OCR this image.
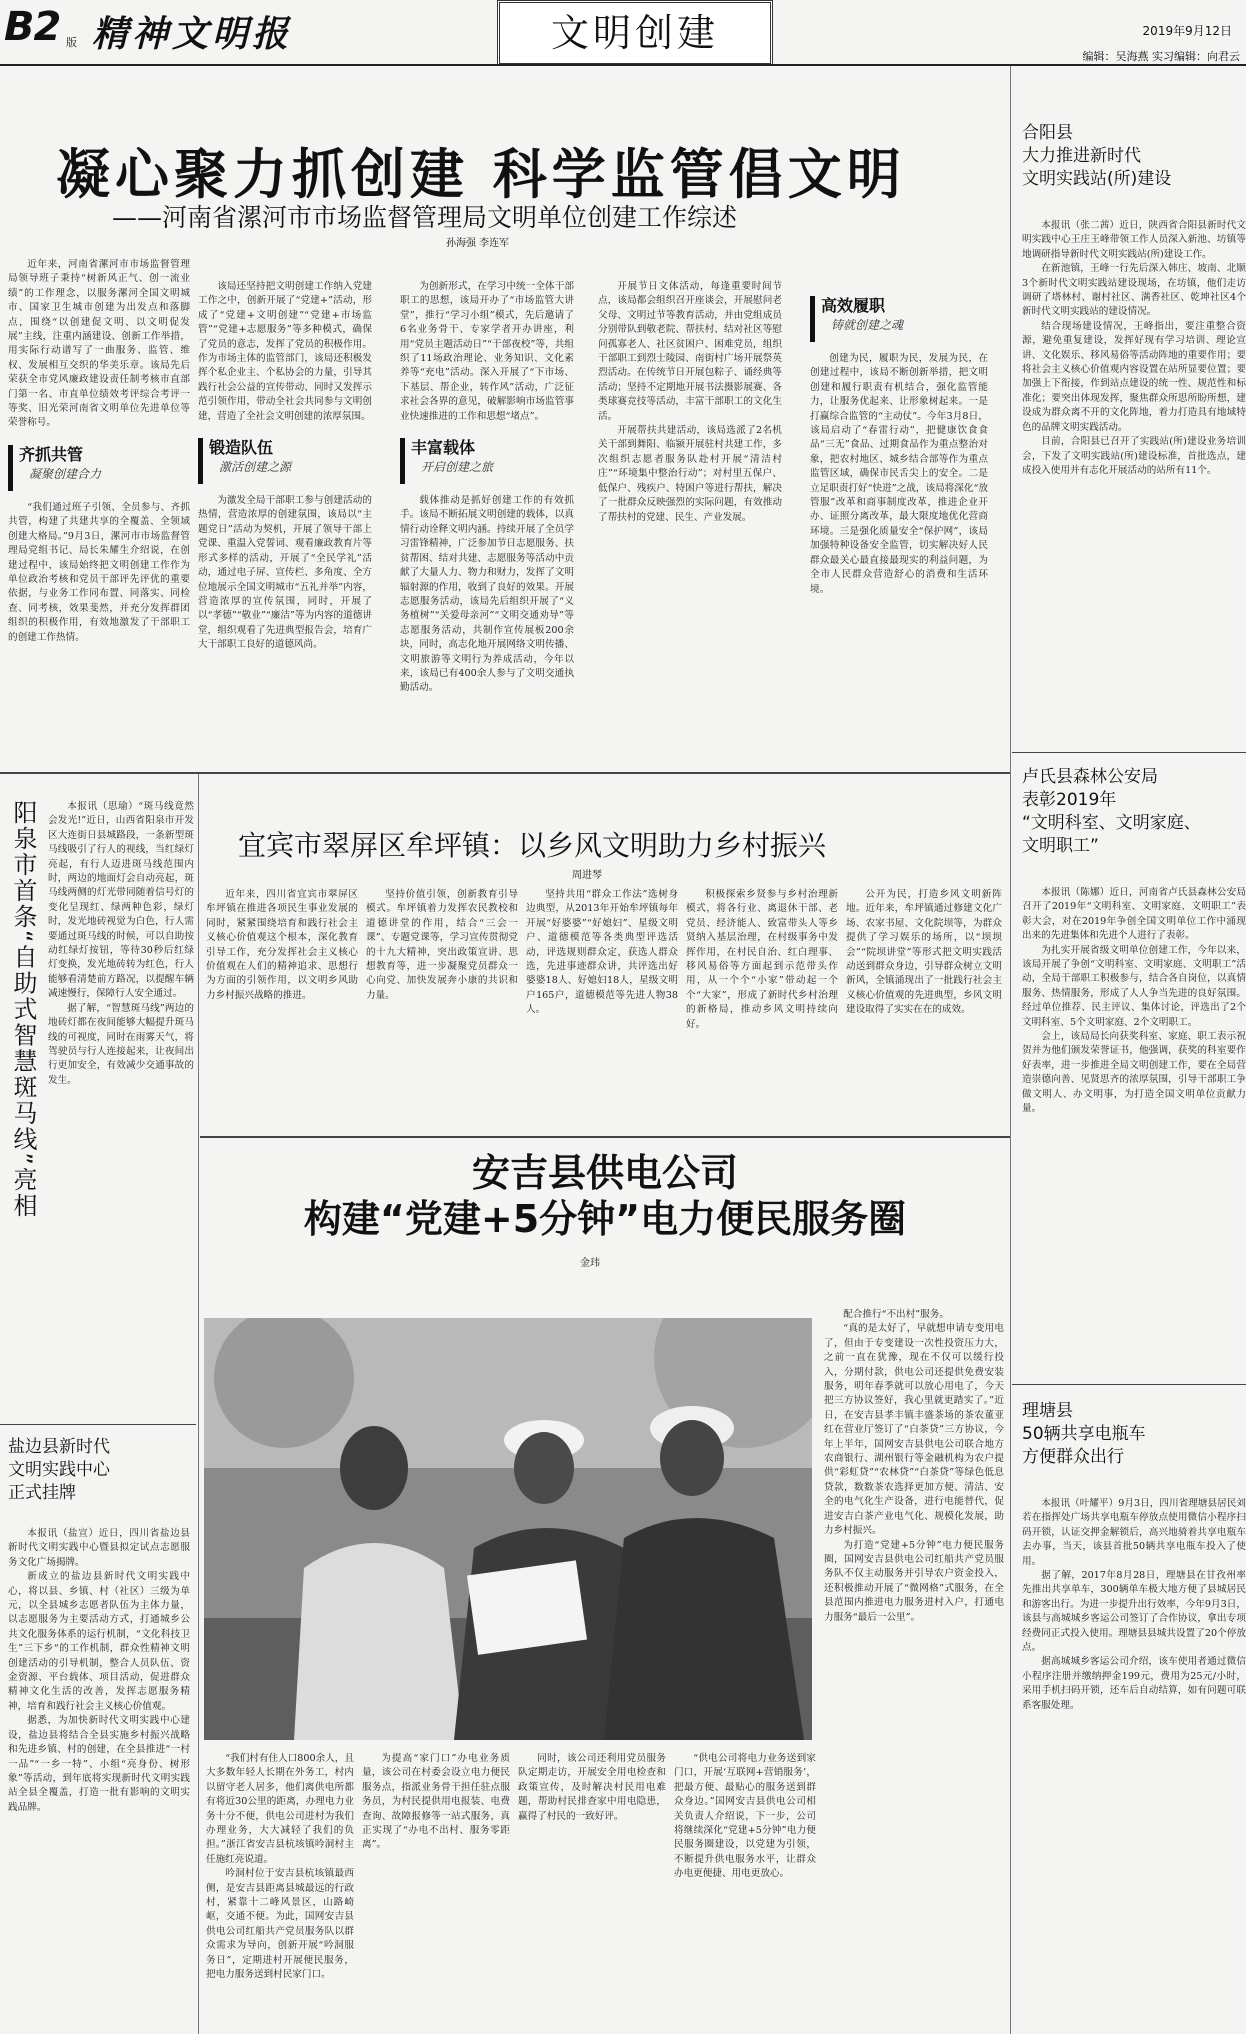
B2 版 精神文明报	文明创建	2019年9月12日
编辑：吴海燕 实习编辑：向君云
凝心聚力抓创建 科学监管倡文明
——河南省漯河市市场监督管理局文明单位创建工作综述
孙海强 李连军

近年来，河南省漯河市市场监督管理局领导班子秉持“树新风正气、创一流业绩”的工作理念，以服务漯河全国文明城市、国家卫生城市创建为出发点和落脚点，围绕“以创建促文明、以文明促发展”主线，注重内涵建设、创新工作举措，用实际行动谱写了一曲服务、监管、维权、发展相互交织的华美乐章。该局先后荣获全市党风廉政建设责任制考核市直部门第一名、市直单位绩效考评综合考评一等奖、旧光荣河南省文明单位先进单位等荣誉称号。

齐抓共管
凝聚创建合力

“我们通过班子引领、全员参与、齐抓共管，构建了共建共享的全覆盖、全领域创建大格局。”9月3日，漯河市市场监督管理局党组书记、局长朱耀生介绍说，在创建过程中，该局始终把文明创建工作作为单位政治考核和党员干部评先评优的重要依据，与业务工作同布置、同落实、同检查、同考核，效果斐然，并充分发挥群团组织的积极作用，有效地激发了干部职工的创建工作热情。

该局还坚持把文明创建工作纳入党建工作之中，创新开展了“党建+”活动，形成了“党建+文明创建”“党建+市场监管”“党建+志愿服务”等多种模式，确保了党员的意志，发挥了党员的积极作用。作为市场主体的监管部门，该局还积极发挥个私企业主、个私协会的力量，引导其践行社会公益的宣传带动、同时又发挥示范引领作用，带动全社会共同参与文明创建，营造了全社会文明创建的浓厚氛围。

锻造队伍
激活创建之源

为激发全局干部职工参与创建活动的热情，营造浓厚的创建氛围，该局以“主题党日”活动为契机，开展了领导干部上党课、重温入党誓词、观看廉政教育片等形式多样的活动，开展了“全民学礼”活动，通过电子屏、宣传栏、多角度、全方位地展示全国文明城市“五礼并举”内容，营造浓厚的宣传氛围，同时，开展了以“孝德”“敬业”“廉洁”等为内容的道德讲堂，组织观看了先进典型报告会，培育广大干部职工良好的道德风尚。

为创新形式，在学习中统一全体干部职工的思想，该局开办了“市场监管大讲堂”，推行“学习小组”模式，先后邀请了6名业务骨干、专家学者开办讲座，利用“党员主题活动日”“干部夜校”等，共组织了11场政治理论、业务知识、文化素养等“充电”活动。深入开展了“下市场、下基层、帮企业，转作风”活动，广泛征求社会各界的意见，破解影响市场监管事业快速推进的工作和思想“堵点”。

丰富载体
开启创建之旅

载体推动是抓好创建工作的有效抓手。该局不断拓展文明创建的载体，以真情行动诠释文明内涵。持续开展了全员学习雷锋精神，广泛参加节日志愿服务、扶贫帮困、结对共建、志愿服务等活动中贡献了大量人力、物力和财力，发挥了文明辐射源的作用，收到了良好的效果。开展志愿服务活动，该局先后组织开展了“义务植树”“关爱母亲河”“文明交通劝导”等志愿服务活动，共制作宣传展板200余块，同时，高志化地开展网络文明传播、文明旅游等文明行为养成活动，今年以来，该局已有400余人参与了文明交通执勤活动。

开展节日文体活动，每逢重要时间节点，该局都会组织召开座谈会，开展慰问老父母、文明过节等教育活动，并由党组成员分别带队到敬老院、帮扶村、结对社区等慰问孤寡老人、社区贫困户、困难党员，组织干部职工到烈士陵园、南街村广场开展祭英烈活动。在传统节日开展包粽子、诵经典等活动；坚持不定期地开展书法摄影展赛、各类球赛竞技等活动，丰富干部职工的文化生活。

开展帮扶共建活动，该局选派了2名机关干部到舞阳、临颍开展驻村共建工作，多次组织志愿者服务队赴村开展“清洁村庄”“环境集中整治行动”；对村里五保户、低保户、残疾户、特困户等进行帮扶，解决了一批群众反映强烈的实际问题，有效推动了帮扶村的党建、民生、产业发展。

高效履职
铸就创建之魂

创建为民，履职为民，发展为民，在创建过程中，该局不断创新举措，把文明创建和履行职责有机结合，强化监管能力，让服务优起来、让形象树起来。一是打赢综合监管的“主动仗”。今年3月8日，该局启动了“春雷行动”，把健康饮食食品“三无”食品、过期食品作为重点整治对象，把农村地区、城乡结合部等作为重点监管区域，确保市民舌尖上的安全。二是立足职责打好“快进”之战，该局将深化“放管服”改革和商事制度改革，推进企业开办、证照分离改革，最大限度地优化营商环境。三是强化质量安全“保护网”，该局加强特种设备安全监管，切实解决好人民群众最关心最直接最现实的利益问题，为全市人民群众营造舒心的消费和生活环境。

合阳县
大力推进新时代
文明实践站(所)建设

本报讯（张二茜）近日，陕西省合阳县新时代文明实践中心王庄王峰带领工作人员深入新池、坊镇等地调研指导新时代文明实践站(所)建设工作。

在新池镇，王峰一行先后深入韩庄、坡南、北顺3个新时代文明实践站建设现场，在坊镇，他们走访调研了塔林村、谢村社区、满香社区、乾坤社区4个新时代文明实践站的建设情况。

结合现场建设情况，王峰指出，要注重整合资源，避免重复建设，发挥好现有学习培训、理论宣讲、文化娱乐、移风易俗等活动阵地的重要作用；要将社会主义核心价值观内容设置在站所显要位置；要加强上下衔接，作到站点建设的统一性、规范性和标准化；要突出体现发挥，聚焦群众所思所盼所想，建设成为群众离不开的文化阵地，着力打造具有地域特色的品牌文明实践活动。

目前，合阳县已召开了实践站(所)建设业务培训会，下发了文明实践站(所)建设标准，首批选点，建成投入使用并有志化开展活动的站所有11个。

卢氏县森林公安局
表彰2019年
“文明科室、文明家庭、
文明职工”

本报讯（陈娜）近日，河南省卢氏县森林公安局召开了2019年“文明科室、文明家庭、文明职工”表彰大会，对在2019年争创全国文明单位工作中涌现出来的先进集体和先进个人进行了表彰。

为扎实开展省级文明单位创建工作，今年以来，该局开展了争创“文明科室、文明家庭、文明职工”活动，全局干部职工积极参与，结合各自岗位，以真情服务、热情服务，形成了人人争当先进的良好氛围。经过单位推荐、民主评议、集体讨论，评选出了2个文明科室、5个文明家庭、2个文明职工。

会上，该局局长向获奖科室、家庭、职工表示祝贺并为他们颁发荣誉证书，他强调，获奖的科室要作好表率，进一步推进全局文明创建工作，要在全局营造崇德向善、见贤思齐的浓厚氛围，引导干部职工争做文明人、办文明事，为打造全国文明单位贡献力量。

理塘县
50辆共享电瓶车
方便群众出行

本报讯（叶耀平）9月3日，四川省理塘县居民刘若在指挥处广场共享电瓶车停放点使用微信小程序扫码开锁，认证交押金解锁后，高兴地骑着共享电瓶车去办事，当天，该县首批50辆共享电瓶车投入了使用。

据了解，2017年8月28日，理塘县在甘孜州率先推出共享单车，300辆单车极大地方便了县城居民和游客出行。为进一步提升出行效率，今年9月3日，该县与高城城乡客运公司签订了合作协议，拿出专项经费同正式投入使用。理塘县县城共设置了20个停放点。

据高城城乡客运公司介绍，该车使用者通过微信小程序注册并缴纳押金199元，费用为25元/小时，采用手机扫码开锁，还车后自动结算，如有问题可联系客服处理。

阳泉市首条“自助式智慧斑马线”亮相	本报讯（思瑜）“斑马线竟然会发光!”近日，山西省阳泉市开发区大连街日县城路段，一条新型斑马线吸引了行人的视线，当红绿灯亮起，有行人迈进斑马线范围内时，两边的地面灯会自动亮起，斑马线两侧的灯光带同随着信号灯的变化呈现红、绿两种色彩，绿灯时，发光地砖视觉为白色，行人需要通过斑马线的时候，可以自助按动红绿灯按钮，等待30秒后红绿灯变换，发光地砖转为红色，行人能够看清楚前方路况，以提醒车辆减速慢行，保障行人安全通过。

据了解，“智慧斑马线”两边的地砖灯都在夜间能够大幅提升斑马线的可视度，同时在雨雾天气，将驾驶员与行人连接起来，让夜间出行更加安全，有效减少交通事故的发生。

盐边县新时代
文明实践中心
正式挂牌

本报讯（盐宣）近日，四川省盐边县新时代文明实践中心暨县拟定试点志愿服务文化广场揭牌。

新成立的盐边县新时代文明实践中心，将以县、乡镇、村（社区）三级为单元，以全县城乡志愿者队伍为主体力量，以志愿服务为主要活动方式，打通城乡公共文化服务体系的运行机制，“文化科技卫生”三下乡“的工作机制，群众性精神文明创建活动的引导机制，整合人员队伍、资金资源、平台载体、项目活动，促进群众精神文化生活的改善，发挥志愿服务精神，培育和践行社会主义核心价值观。

据悉，为加快新时代文明实践中心建设，盐边县将结合全县实施乡村振兴战略和先进乡镇、村的创建，在全县推进“一村一品”“一乡一特”、小组“亮身份、树形象”等活动，到年底将实现新时代文明实践站全县全覆盖，打造一批有影响的文明实践品牌。

宜宾市翠屏区牟坪镇：以乡风文明助力乡村振兴
周进琴

近年来，四川省宜宾市翠屏区牟坪镇在推进各项民生事业发展的同时，紧紧围绕培育和践行社会主义核心价值观这个根本，深化教育引导工作，充分发挥社会主义核心价值观在人们的精神追求、思想行为方面的引领作用，以文明乡风助力乡村振兴战略的推进。

坚持价值引领，创新教育引导模式。牟坪镇着力发挥农民教校和道德讲堂的作用，结合“三会一课”、专题党课等，学习宣传贯彻党的十九大精神，突出政策宣讲、思想教育等，进一步凝聚党员群众一心向党、加快发展奔小康的共识和力量。

坚持共用“群众工作法”选树身边典型，从2013年开始牟坪镇每年开展“好婆婆”“好媳妇”、星级文明户、道德模范等各类典型评选活动，评选规则群众定，获选人群众选，先进事迹群众讲，共评选出好婆婆18人、好媳妇18人，星级文明户165户，道德模范等先进人物38人。

积极探索乡贤参与乡村治理新模式，将各行业、离退休干部、老党员、经济能人、致富带头人等乡贤纳入基层治理，在村级事务中发挥作用，在村民自治、红白理事、移风易俗等方面起到示范带头作用，从一个个“小家”带动起一个个“大家”，形成了新时代乡村治理的新格局，推动乡风文明持续向好。

公开为民，打造乡风文明新阵地。近年来，牟坪镇通过修建文化广场、农家书屋、文化院坝等，为群众提供了学习娱乐的场所，以“坝坝会”“院坝讲堂”等形式把文明实践活动送到群众身边，引导群众树立文明新风，全镇涌现出了一批践行社会主义核心价值观的先进典型，乡风文明建设取得了实实在在的成效。

安吉县供电公司
构建“党建+5分钟”电力便民服务圈
金玮

配合推行“不出村”服务。

“真的是太好了，早就想申请专变用电了，但由于专变建设一次性投资压力大，之前一直在犹豫，现在不仅可以缓行投入，分期付款，供电公司还提供免费安装服务，明年春季就可以放心用电了，今天把三方协议签好，我心里就更踏实了。”近日，在安吉县孝丰镇丰盛茶场的茶农董亚红在营业厅签订了“白茶贷”三方协议，今年上半年，国网安吉县供电公司联合地方农商银行、湖州银行等金融机构为农户提供“彩虹贷”“农林贷”“白茶贷”等绿色低息贷款，数数茶农选择更加方便、清洁、安全的电气化生产设备，进行电能替代，促进安吉白茶产业电气化、规模化发展，助力乡村振兴。

为打造“党建+5分钟”电力便民服务圈，国网安吉县供电公司红船共产党员服务队不仅主动服务并引导农户资金投入，还积极推动开展了“微网格”式服务，在全县范围内推进电力服务进村入户，打通电力服务“最后一公里”。

“我们村有住人口800余人，且大多数年轻人长期在外务工，村内以留守老人居多，他们离供电所都有将近30公里的距离，办理电力业务十分不便，供电公司进村为我们办理业务，大大减轻了我们的负担。”浙江省安吉县杭垓镇吟洞村主任施红亮说道。

吟洞村位于安吉县杭垓镇最西侧，是安吉县距离县城最远的行政村，紧靠十二峰风景区，山路崎岖，交通不便。为此，国网安吉县供电公司红船共产党员服务队以群众需求为导向，创新开展“吟洞服务日”，定期进村开展便民服务，把电力服务送到村民家门口。

为提高“家门口”办电业务质量，该公司在村委会设立电力便民服务点，指派业务骨干担任驻点服务员，为村民提供用电报装、电费查询、故障报修等一站式服务，真正实现了“办电不出村、服务零距离”。

同时，该公司还利用党员服务队定期走访，开展安全用电检查和政策宣传，及时解决村民用电难题，帮助村民排查家中用电隐患，赢得了村民的一致好评。

“供电公司将电力业务送到家门口，开展‘互联网+营销服务’，把最方便、最贴心的服务送到群众身边。”国网安吉县供电公司相关负责人介绍说，下一步，公司将继续深化“党建+5分钟”电力便民服务圈建设，以党建为引领，不断提升供电服务水平，让群众办电更便捷、用电更放心。
